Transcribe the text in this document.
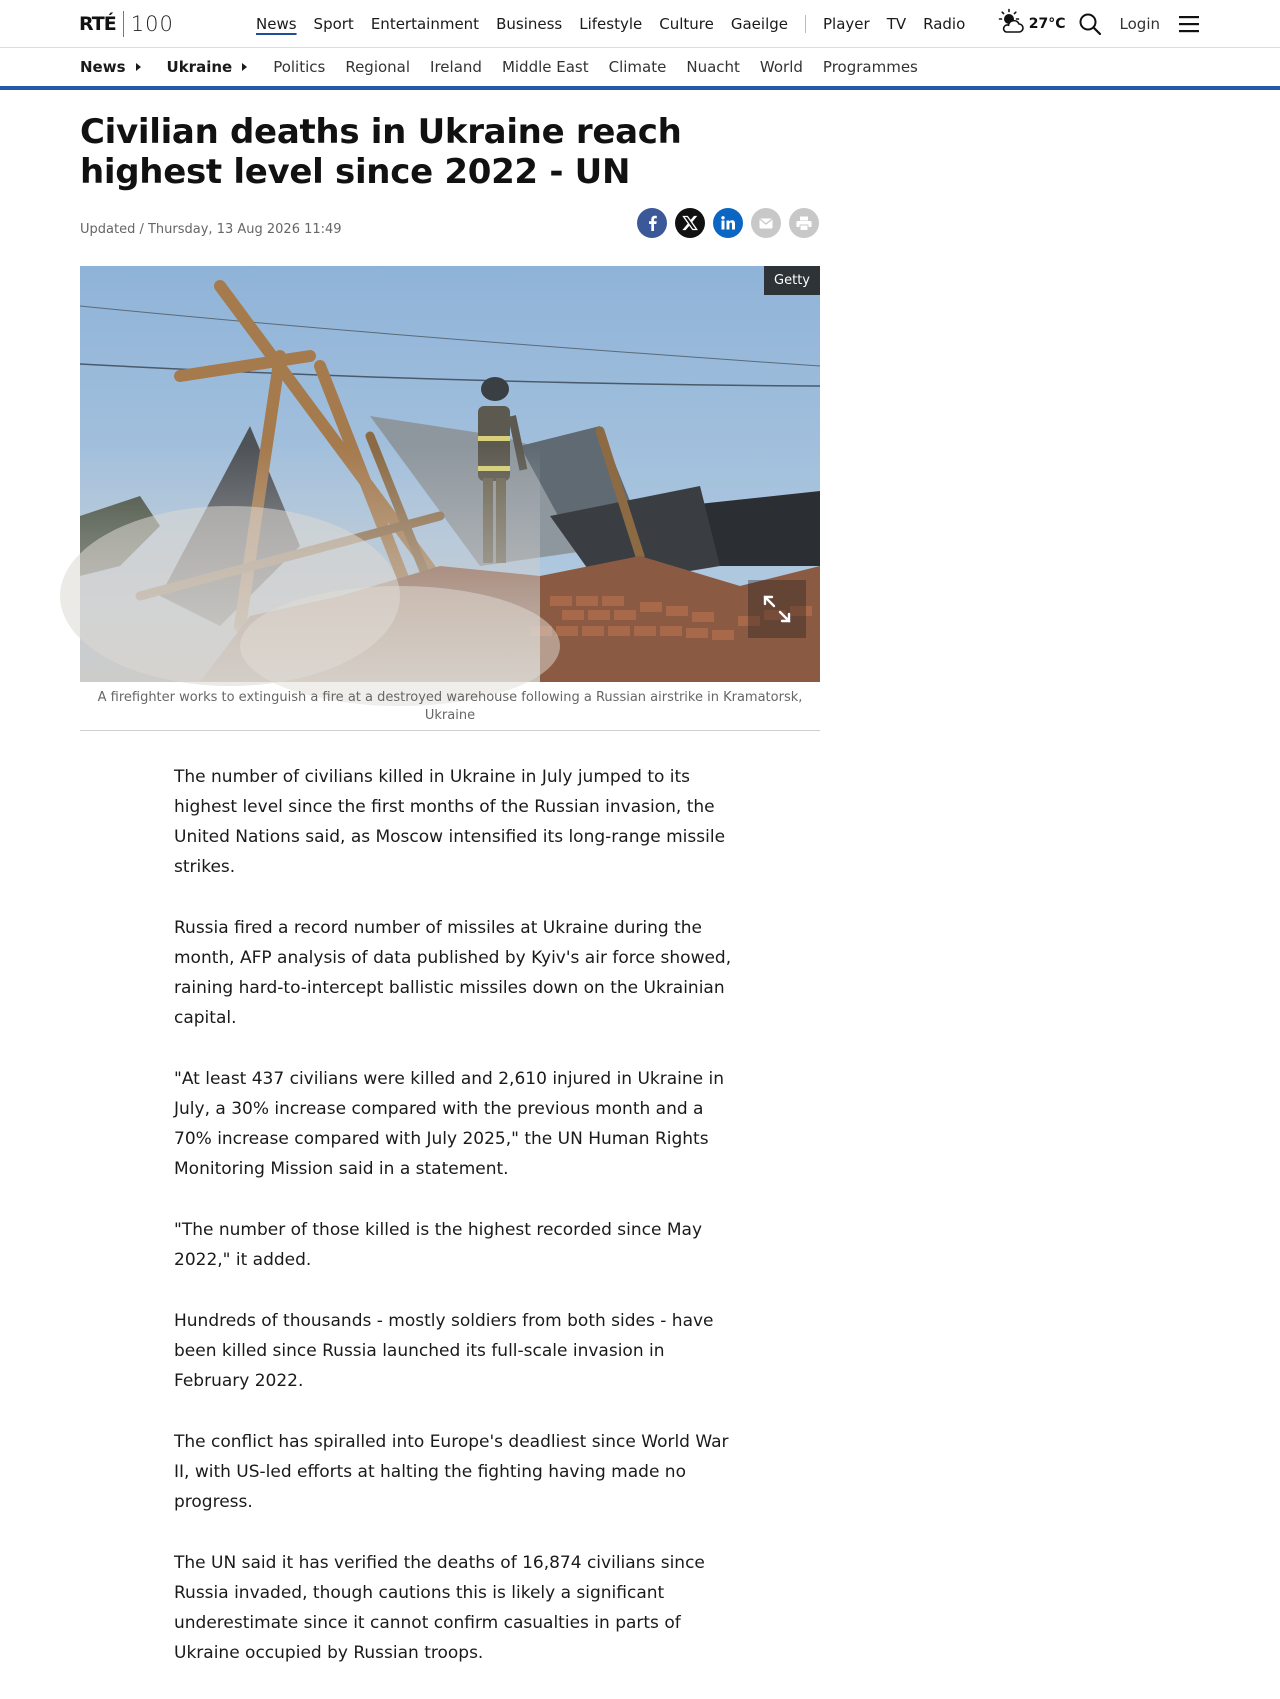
RTÉ 100	News Sport Entertainment Business Lifestyle Culture Gaeilge Player TV Radio	27°C	Login
News	Ukraine	Politics Regional Ireland Middle East Climate Nuacht World Programmes
Civilian deaths in Ukraine reach highest level since 2022 - UN
Updated / Thursday, 13 Aug 2026 11:49
Getty
A firefighter works to extinguish a fire at a destroyed warehouse following a Russian airstrike in Kramatorsk, Ukraine

The number of civilians killed in Ukraine in July jumped to its highest level since the first months of the Russian invasion, the United Nations said, as Moscow intensified its long-range missile strikes.

Russia fired a record number of missiles at Ukraine during the month, AFP analysis of data published by Kyiv's air force showed, raining hard-to-intercept ballistic missiles down on the Ukrainian capital.

"At least 437 civilians were killed and 2,610 injured in Ukraine in July, a 30% increase compared with the previous month and a 70% increase compared with July 2025," the UN Human Rights Monitoring Mission said in a statement.

"The number of those killed is the highest recorded since May 2022," it added.

Hundreds of thousands - mostly soldiers from both sides - have been killed since Russia launched its full-scale invasion in February 2022.

The conflict has spiralled into Europe's deadliest since World War II, with US-led efforts at halting the fighting having made no progress.

The UN said it has verified the deaths of 16,874 civilians since Russia invaded, though cautions this is likely a significant underestimate since it cannot confirm casualties in parts of Ukraine occupied by Russian troops.
